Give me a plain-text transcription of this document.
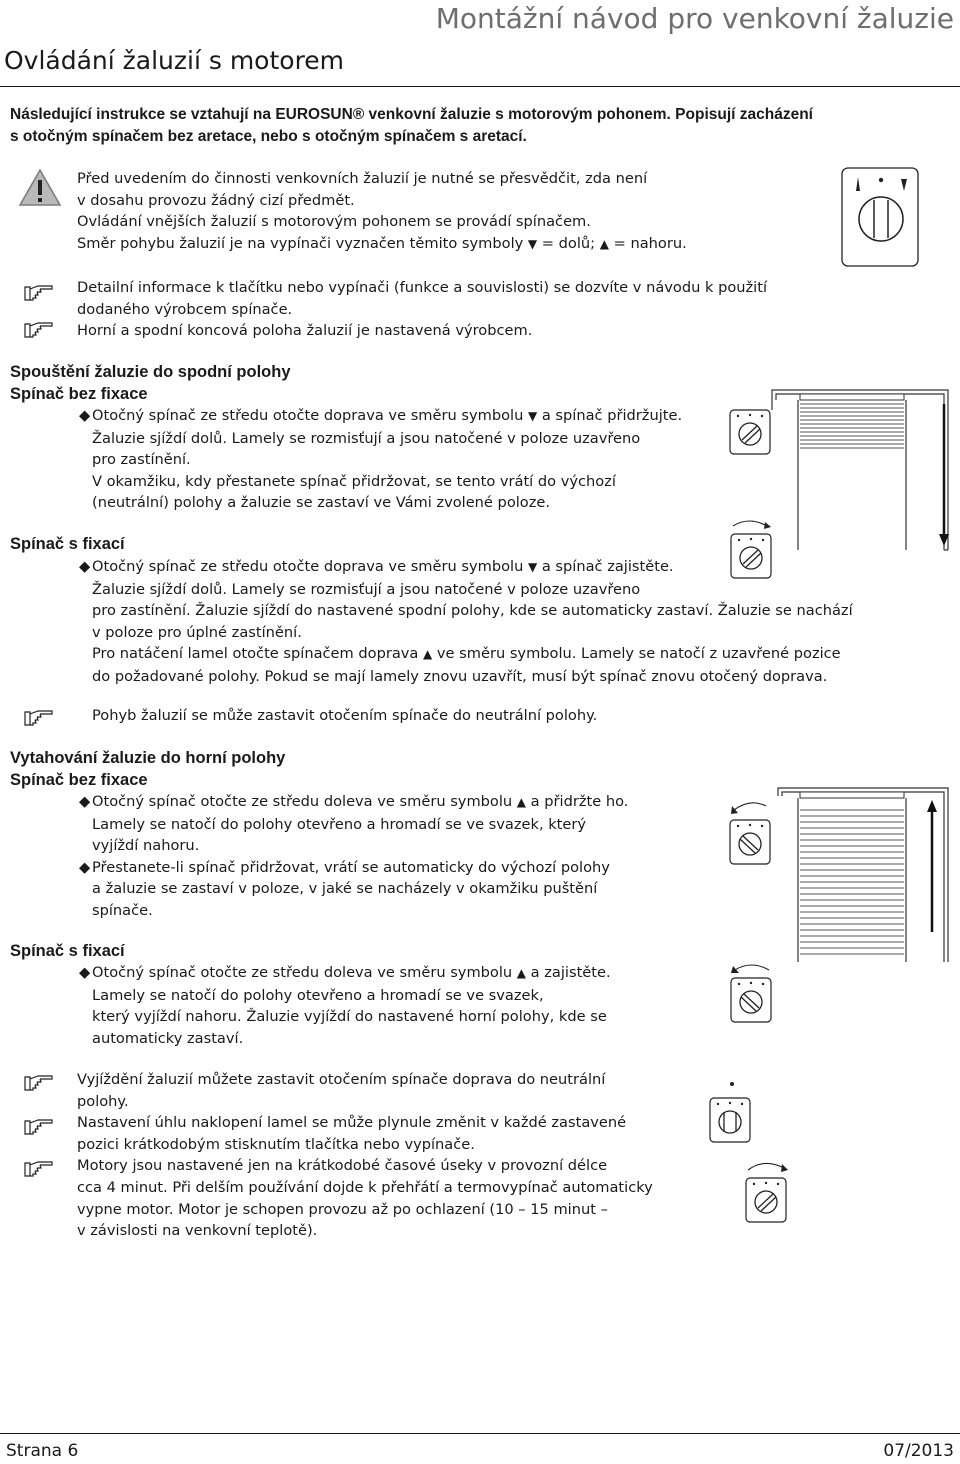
Montážní návod pro venkovní žaluzie
Ovládání žaluzií s motorem
Následující instrukce se vztahují na EUROSUN® venkovní žaluzie s motorovým pohonem. Popisují zacházení
s otočným spínačem bez aretace, nebo s otočným spínačem s aretací.
Před uvedením do činnosti venkovních žaluzií je nutné se přesvědčit, zda není
v dosahu provozu žádný cizí předmět.
Ovládání vnějších žaluzií s motorovým pohonem se provádí spínačem.
Směr pohybu žaluzií je na vypínači vyznačen těmito symboly ▼ = dolů; ▲ = nahoru.
Detailní informace k tlačítku nebo vypínači (funkce a souvislosti) se dozvíte v návodu k použití
dodaného výrobcem spínače.
Horní a spodní koncová poloha žaluzií je nastavená výrobcem.
Spouštění žaluzie do spodní polohy
Spínač bez fixace
◆ Otočný spínač ze středu otočte doprava ve směru symbolu ▼ a spínač přidržujte.
Žaluzie sjíždí dolů. Lamely se rozmisťují a jsou natočené v poloze uzavřeno
pro zastínění.
V okamžiku, kdy přestanete spínač přidržovat, se tento vrátí do výchozí
(neutrální) polohy a žaluzie se zastaví ve Vámi zvolené poloze.
Spínač s fixací
◆ Otočný spínač ze středu otočte doprava ve směru symbolu ▼ a spínač zajistěte.
Žaluzie sjíždí dolů. Lamely se rozmisťují a jsou natočené v poloze uzavřeno
pro zastínění. Žaluzie sjíždí do nastavené spodní polohy, kde se automaticky zastaví. Žaluzie se nachází
v poloze pro úplné zastínění.
Pro natáčení lamel otočte spínačem doprava ▲ ve směru symbolu. Lamely se natočí z uzavřené pozice
do požadované polohy. Pokud se mají lamely znovu uzavřít, musí být spínač znovu otočený doprava.
Pohyb žaluzií se může zastavit otočením spínače do neutrální polohy.
Vytahování žaluzie do horní polohy
Spínač bez fixace
◆ Otočný spínač otočte ze středu doleva ve směru symbolu ▲ a přidržte ho.
Lamely se natočí do polohy otevřeno a hromadí se ve svazek, který
vyjíždí nahoru.
◆ Přestanete-li spínač přidržovat, vrátí se automaticky do výchozí polohy
a žaluzie se zastaví v poloze, v jaké se nacházely v okamžiku puštění
spínače.
Spínač s fixací
◆ Otočný spínač otočte ze středu doleva ve směru symbolu ▲ a zajistěte.
Lamely se natočí do polohy otevřeno a hromadí se ve svazek,
který vyjíždí nahoru. Žaluzie vyjíždí do nastavené horní polohy, kde se
automaticky zastaví.
Vyjíždění žaluzií můžete zastavit otočením spínače doprava do neutrální
polohy.
Nastavení úhlu naklopení lamel se může plynule změnit v každé zastavené
pozici krátkodobým stisknutím tlačítka nebo vypínače.
Motory jsou nastavené jen na krátkodobé časové úseky v provozní délce
cca 4 minut. Při delším používání dojde k přehřátí a termovypínač automaticky
vypne motor. Motor je schopen provozu až po ochlazení (10 – 15 minut –
v závislosti na venkovní teplotě).
Strana 6	07/2013
